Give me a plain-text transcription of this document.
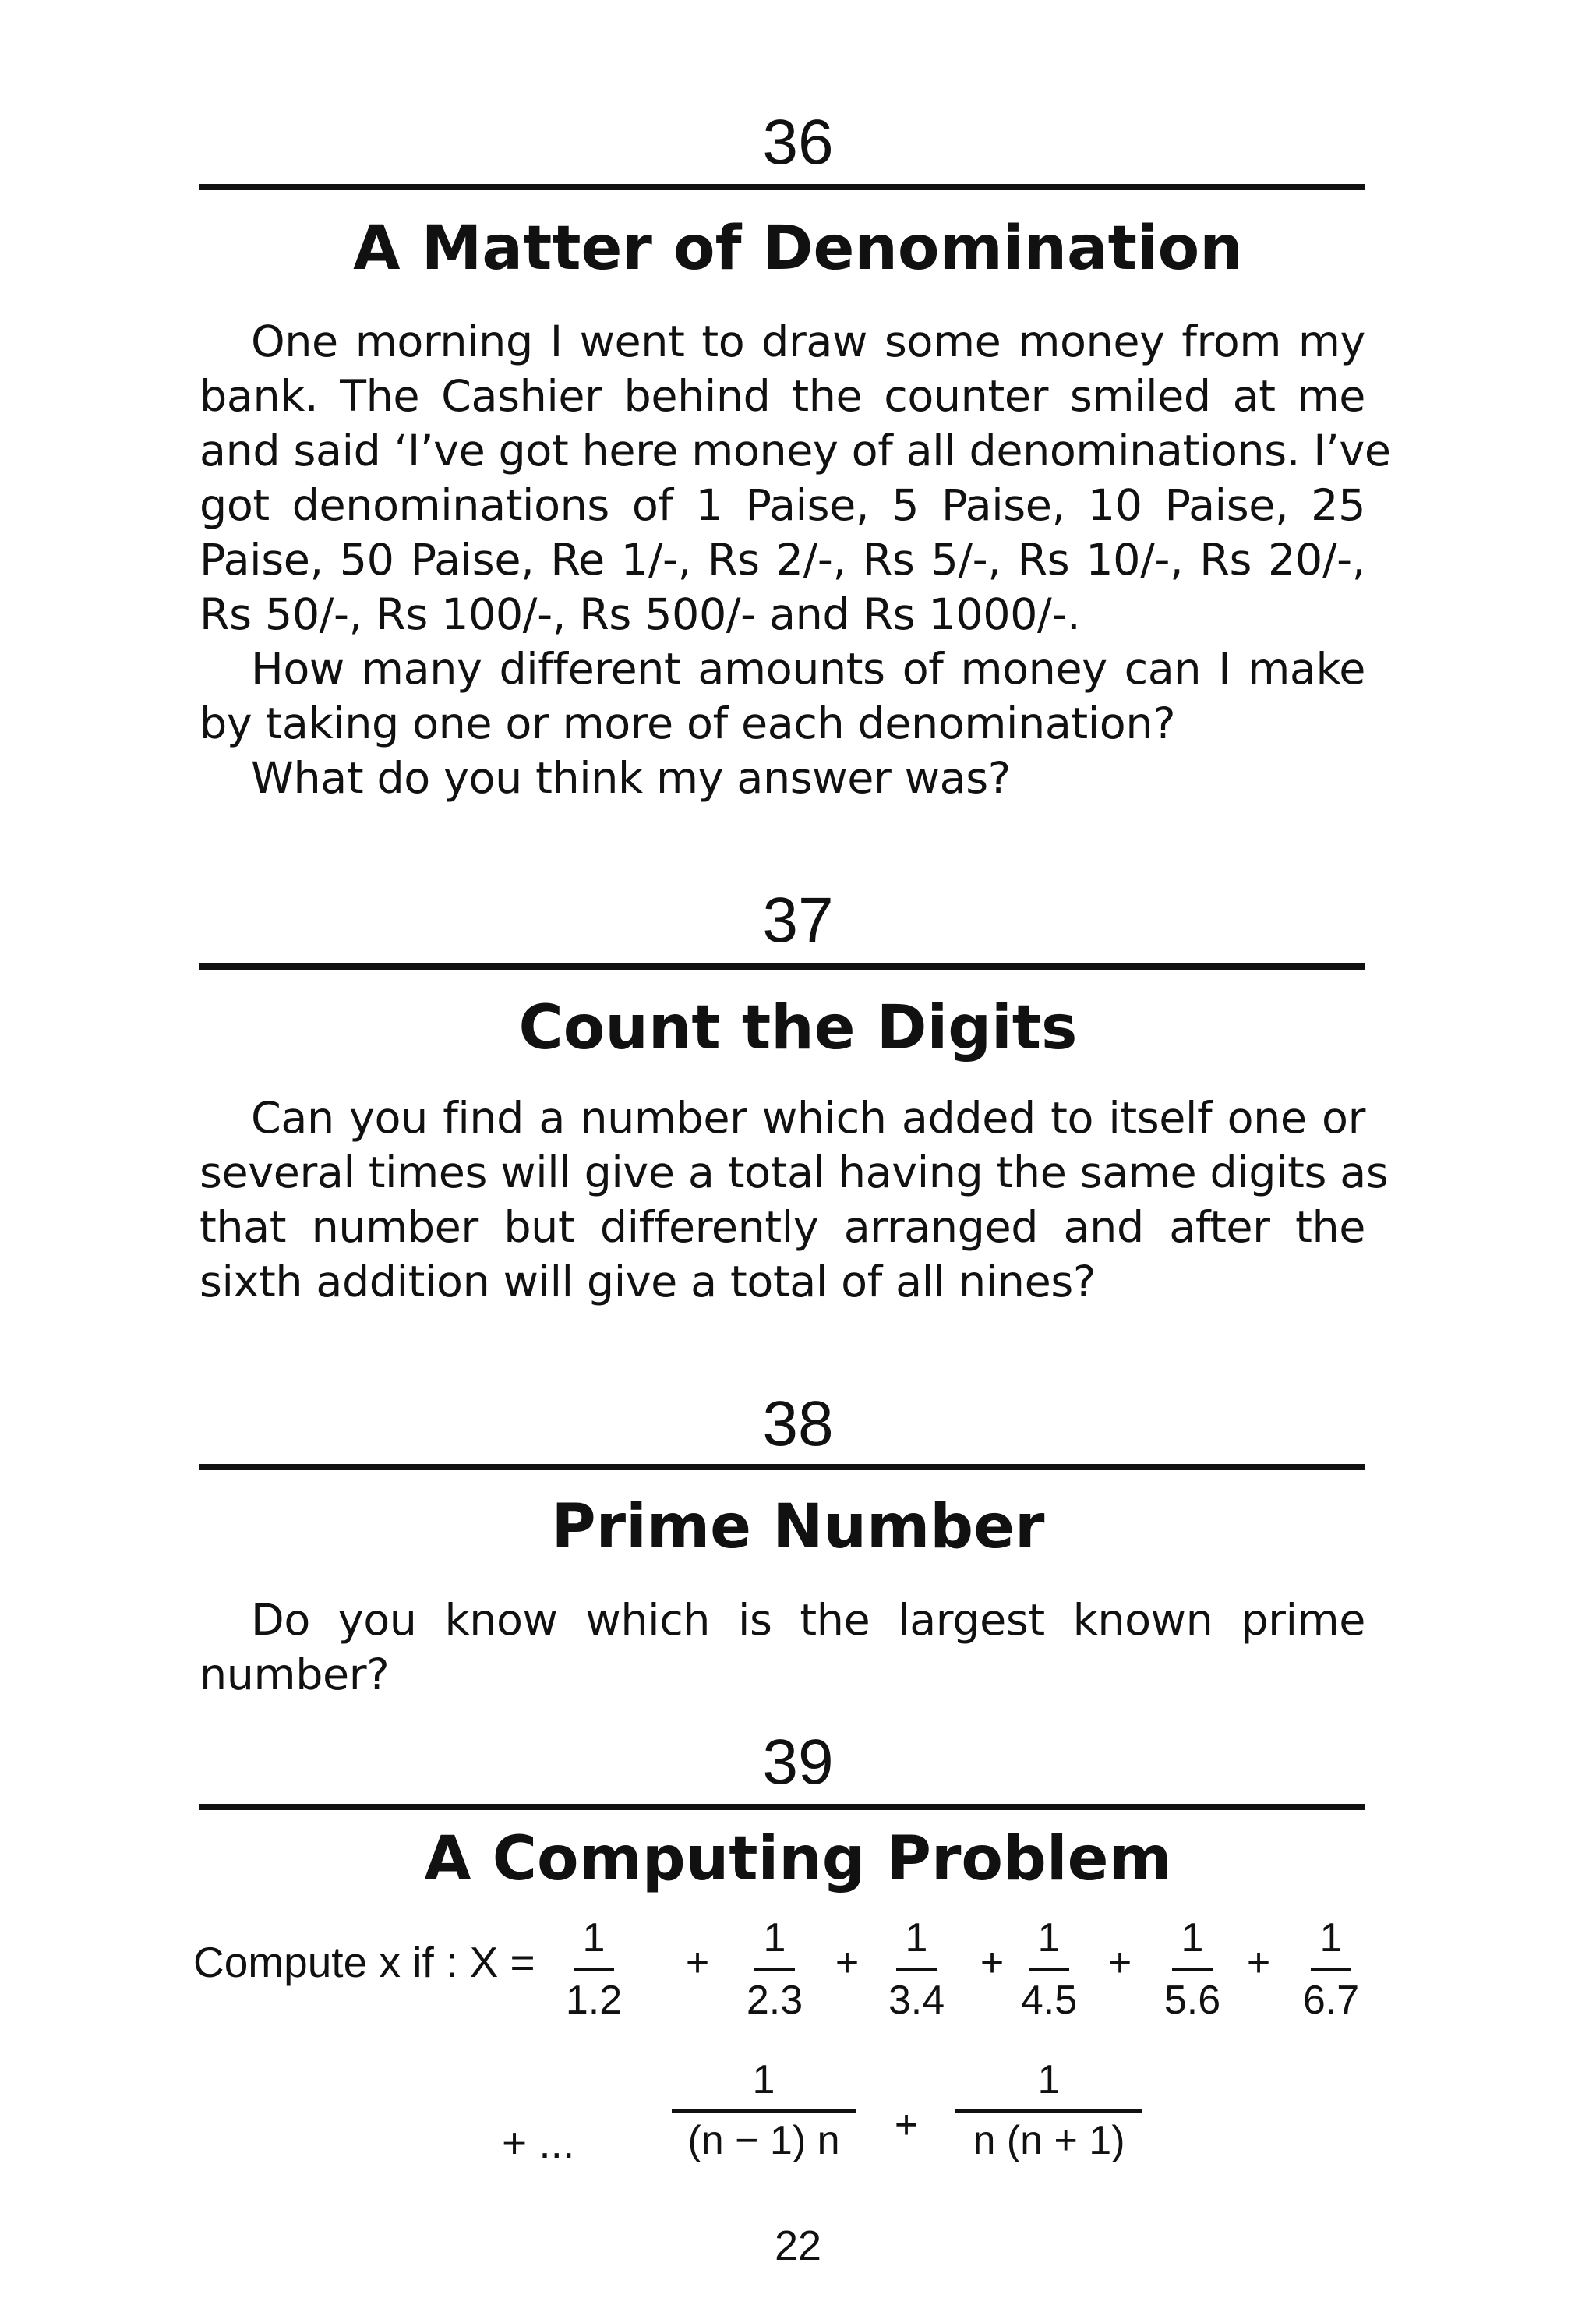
36
A Matter of Denomination
One morning I went to draw some money from my
bank. The Cashier behind the counter smiled at me
and said ‘I’ve got here money of all denominations. I’ve
got denominations of 1 Paise, 5 Paise, 10 Paise, 25
Paise, 50 Paise, Re 1/-, Rs 2/-, Rs 5/-, Rs 10/-, Rs 20/-,
Rs 50/-, Rs 100/-, Rs 500/- and Rs 1000/-.
How many different amounts of money can I make
by taking one or more of each denomination?
What do you think my answer was?
37
Count the Digits
Can you find a number which added to itself one or
several times will give a total having the same digits as
that number but differently arranged and after the
sixth addition will give a total of all nines?
38
Prime Number
Do you know which is the largest known prime
number?
39
A Computing Problem
Compute x if : X =	1
1.2
+
1
2.3
+
1
3.4
+
1
4.5
+
1
5.6
+
1
6.7
+ ...
1
(n − 1) n	+
1
n (n + 1)
22
